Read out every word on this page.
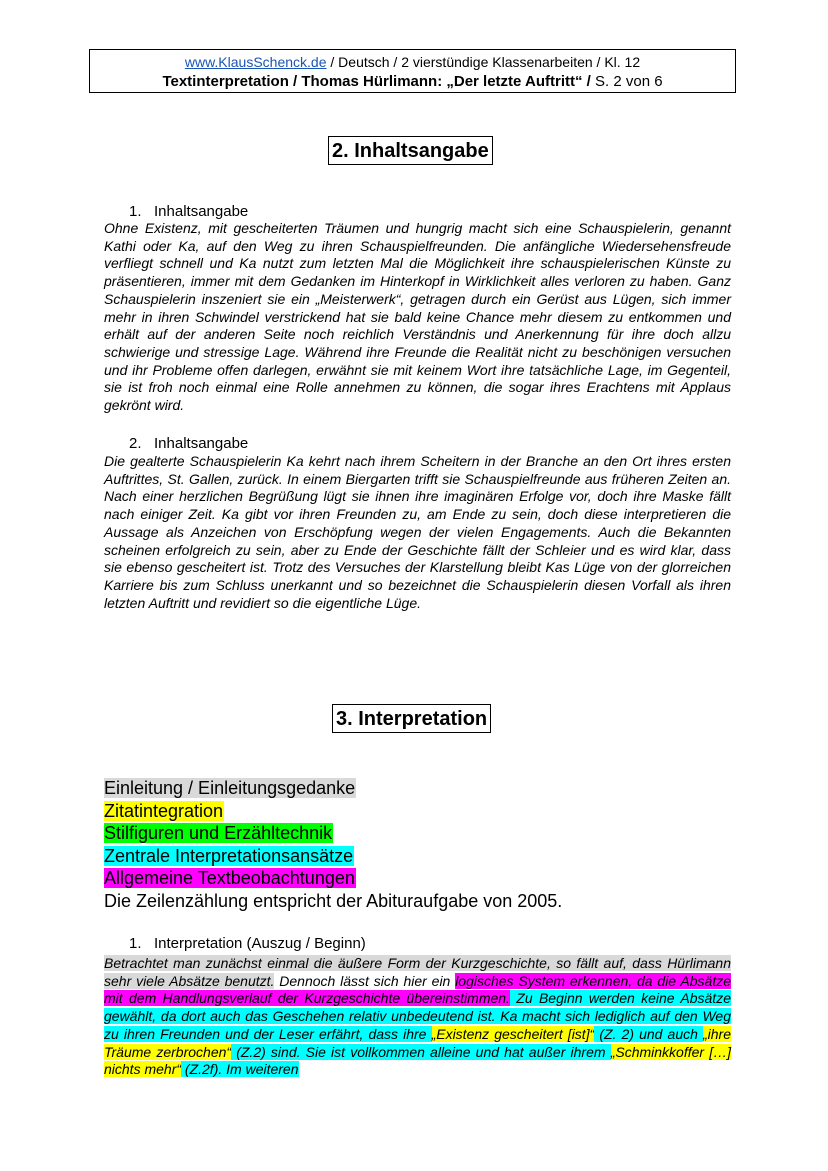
www.KlausSchenck.de / Deutsch / 2 vierstündige Klassenarbeiten / Kl. 12
Textinterpretation / Thomas Hürlimann: „Der letzte Auftritt“ / S. 2 von 6
2. Inhaltsangabe
1. Inhaltsangabe
Ohne Existenz, mit gescheiterten Träumen und hungrig macht sich eine Schauspielerin, genannt Kathi oder Ka, auf den Weg zu ihren Schauspielfreunden. Die anfängliche Wiedersehensfreude verfliegt schnell und Ka nutzt zum letzten Mal die Möglichkeit ihre schauspielerischen Künste zu präsentieren, immer mit dem Gedanken im Hinterkopf in Wirklichkeit alles verloren zu haben. Ganz Schauspielerin inszeniert sie ein „Meisterwerk“, getragen durch ein Gerüst aus Lügen, sich immer mehr in ihren Schwindel verstrickend hat sie bald keine Chance mehr diesem zu entkommen und erhält auf der anderen Seite noch reichlich Verständnis und Anerkennung für ihre doch allzu schwierige und stressige Lage. Während ihre Freunde die Realität nicht zu beschönigen versuchen und ihr Probleme offen darlegen, erwähnt sie mit keinem Wort ihre tatsächliche Lage, im Gegenteil, sie ist froh noch einmal eine Rolle annehmen zu können, die sogar ihres Erachtens mit Applaus gekrönt wird.
2. Inhaltsangabe
Die gealterte Schauspielerin Ka kehrt nach ihrem Scheitern in der Branche an den Ort ihres ersten Auftrittes, St. Gallen, zurück. In einem Biergarten trifft sie Schauspielfreunde aus früheren Zeiten an. Nach einer herzlichen Begrüßung lügt sie ihnen ihre imaginären Erfolge vor, doch ihre Maske fällt nach einiger Zeit. Ka gibt vor ihren Freunden zu, am Ende zu sein, doch diese interpretieren die Aussage als Anzeichen von Erschöpfung wegen der vielen Engagements. Auch die Bekannten scheinen erfolgreich zu sein, aber zu Ende der Geschichte fällt der Schleier und es wird klar, dass sie ebenso gescheitert ist. Trotz des Versuches der Klarstellung bleibt Kas Lüge von der glorreichen Karriere bis zum Schluss unerkannt und so bezeichnet die Schauspielerin diesen Vorfall als ihren letzten Auftritt und revidiert so die eigentliche Lüge.
3. Interpretation
Einleitung / Einleitungsgedanke
Zitatintegration
Stilfiguren und Erzähltechnik
Zentrale Interpretationsansätze
Allgemeine Textbeobachtungen
Die Zeilenzählung entspricht der Abituraufgabe von 2005.
1. Interpretation (Auszug / Beginn)
Betrachtet man zunächst einmal die äußere Form der Kurzgeschichte, so fällt auf, dass Hürlimann sehr viele Absätze benutzt. Dennoch lässt sich hier ein logisches System erkennen, da die Absätze mit dem Handlungsverlauf der Kurzgeschichte übereinstimmen. Zu Beginn werden keine Absätze gewählt, da dort auch das Geschehen relativ unbedeutend ist. Ka macht sich lediglich auf den Weg zu ihren Freunden und der Leser erfährt, dass ihre „Existenz gescheitert [ist]“ (Z. 2) und auch „ihre Träume zerbrochen“ (Z.2) sind. Sie ist vollkommen alleine und hat außer ihrem „Schminkkoffer […] nichts mehr“ (Z.2f). Im weiteren
